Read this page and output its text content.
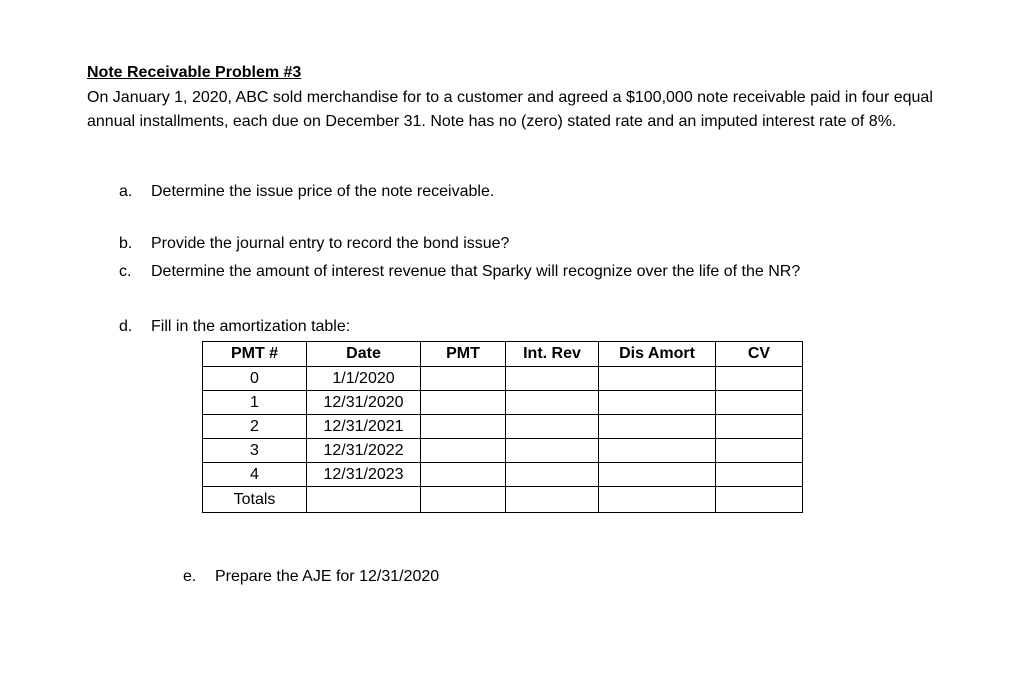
Note Receivable Problem #3
On January 1, 2020, ABC sold merchandise for to a customer and agreed a $100,000 note receivable paid in four equal annual installments, each due on December 31. Note has no (zero) stated rate and an imputed interest rate of 8%.
a. Determine the issue price of the note receivable.
b. Provide the journal entry to record the bond issue?
c. Determine the amount of interest revenue that Sparky will recognize over the life of the NR?
d. Fill in the amortization table:
PMT #	Date	PMT	Int. Rev	Dis Amort	CV
0	1/1/2020				
1	12/31/2020				
2	12/31/2021				
3	12/31/2022				
4	12/31/2023				
Totals					
e. Prepare the AJE for 12/31/2020
